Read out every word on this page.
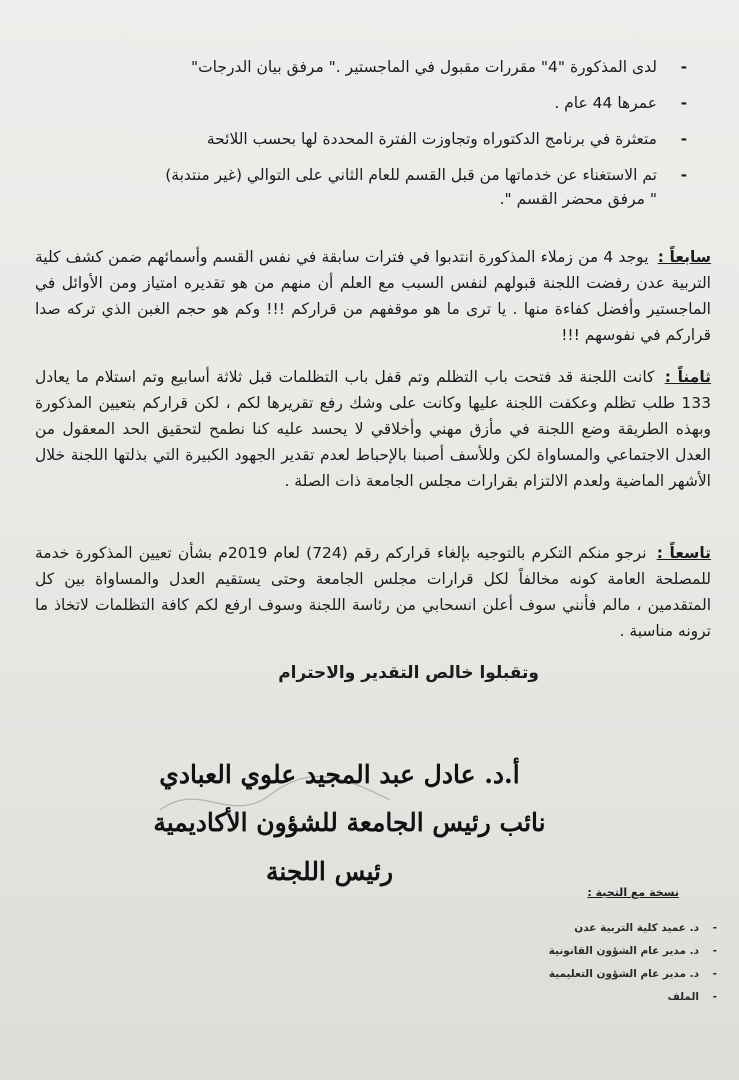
- لدى المذكورة "4" مقررات مقبول في الماجستير ." مرفق بيان الدرجات"
- عمرها 44 عام .
- متعثرة في برنامج الدكتوراه وتجاوزت الفترة المحددة لها بحسب اللائحة
- تم الاستغناء عن خدماتها من قبل القسم للعام الثاني على التوالي (غير منتدبة)
" مرفق محضر القسم ".
سابعاً : يوجد 4 من زملاء المذكورة انتدبوا في فترات سابقة في نفس القسم وأسمائهم ضمن كشف كلية التربية عدن رفضت اللجنة قبولهم لنفس السبب مع العلم أن منهم من هو تقديره امتياز ومن الأوائل في الماجستير وأفضل كفاءة منها . يا ترى ما هو موقفهم من قراركم !!! وكم هو حجم الغبن الذي تركه صدا قراركم في نفوسهم !!!
ثامناً : كانت اللجنة قد فتحت باب التظلم وتم قفل باب التظلمات قبل ثلاثة أسابيع وتم استلام ما يعادل 133 طلب تظلم وعكفت اللجنة عليها وكانت على وشك رفع تقريرها لكم ، لكن قراركم بتعيين المذكورة وبهذه الطريقة وضع اللجنة في مأزق مهني وأخلاقي لا يحسد عليه كنا نطمح لتحقيق الحد المعقول من العدل الاجتماعي والمساواة لكن وللأسف أصبنا بالإحباط لعدم تقدير الجهود الكبيرة التي بذلتها اللجنة خلال الأشهر الماضية ولعدم الالتزام بقرارات مجلس الجامعة ذات الصلة .
تاسعاً : نرجو منكم التكرم بالتوجيه بإلغاء قراركم رقم (724) لعام 2019م بشأن تعيين المذكورة خدمة للمصلحة العامة كونه مخالفاً لكل قرارات مجلس الجامعة وحتى يستقيم العدل والمساواة بين كل المتقدمين ، مالم فأنني سوف أعلن انسحابي من رئاسة اللجنة وسوف ارفع لكم كافة التظلمات لاتخاذ ما ترونه مناسبة .
وتقبلوا خالص التقدير والاحترام
أ.د. عادل عبد المجيد علوي العبادي
نائب رئيس الجامعة للشؤون الأكاديمية
رئيس اللجنة
نسخة مع التحية :
- د. عميد كلية التربية عدن
- د. مدير عام الشؤون القانونية
- د. مدير عام الشؤون التعليمية
- الملف
